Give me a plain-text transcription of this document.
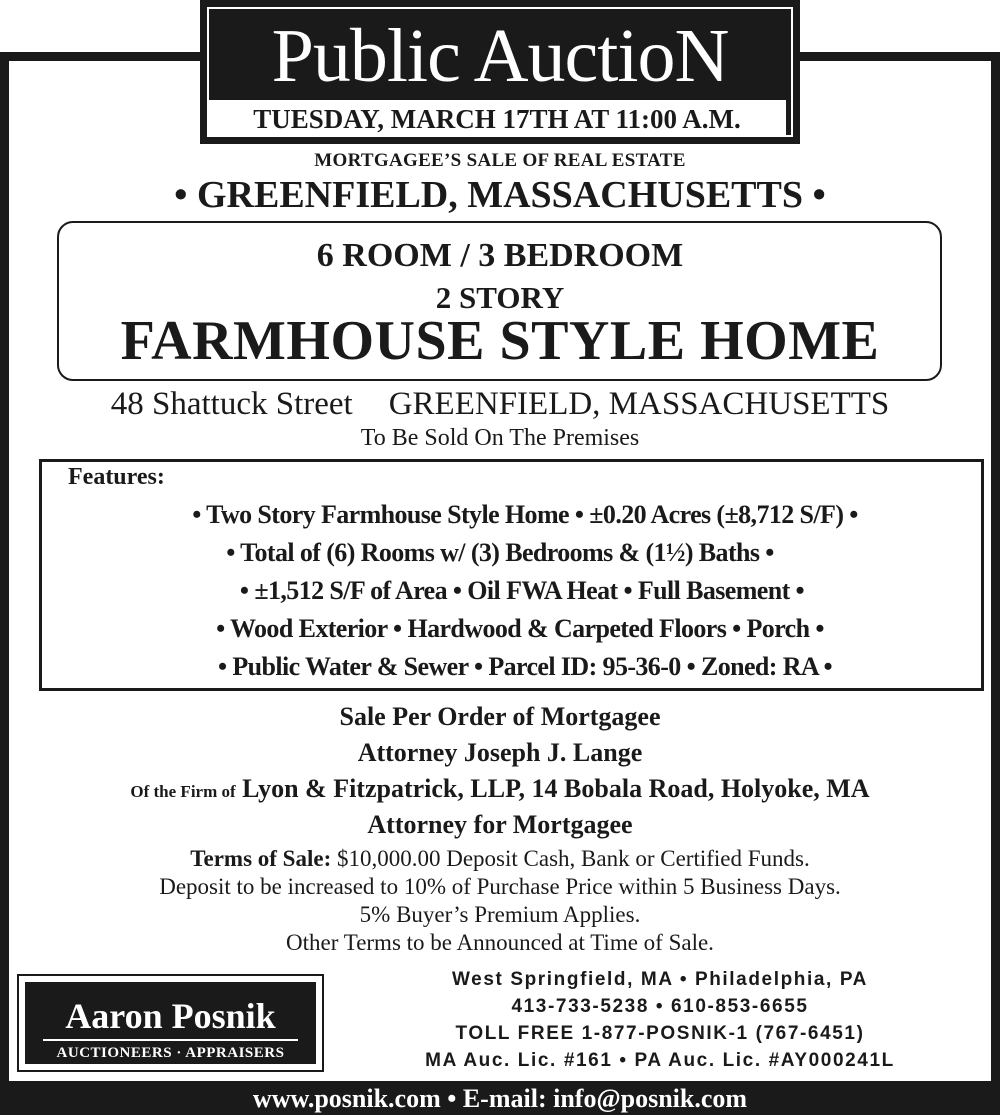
Public AuctioN
TUESDAY, MARCH 17TH AT 11:00 A.M.
MORTGAGEE’S SALE OF REAL ESTATE
• GREENFIELD, MASSACHUSETTS •
6 ROOM / 3 BEDROOM
2 STORY
FARMHOUSE STYLE HOME
48 Shattuck Street GREENFIELD, MASSACHUSETTS
To Be Sold On The Premises
Features:
• Two Story Farmhouse Style Home • ±0.20 Acres (±8,712 S/F) •
• Total of (6) Rooms w/ (3) Bedrooms & (1½) Baths •
• ±1,512 S/F of Area • Oil FWA Heat • Full Basement •
• Wood Exterior • Hardwood & Carpeted Floors • Porch •
• Public Water & Sewer • Parcel ID: 95-36-0 • Zoned: RA •
Sale Per Order of Mortgagee
Attorney Joseph J. Lange
Of the Firm of Lyon & Fitzpatrick, LLP, 14 Bobala Road, Holyoke, MA
Attorney for Mortgagee
Terms of Sale: $10,000.00 Deposit Cash, Bank or Certified Funds.
Deposit to be increased to 10% of Purchase Price within 5 Business Days.
5% Buyer’s Premium Applies.
Other Terms to be Announced at Time of Sale.
Aaron Posnik
AUCTIONEERS · APPRAISERS
West Springfield, MA • Philadelphia, PA
413-733-5238 • 610-853-6655
TOLL FREE 1-877-POSNIK-1 (767-6451)
MA Auc. Lic. #161 • PA Auc. Lic. #AY000241L
www.posnik.com • E-mail: info@posnik.com
